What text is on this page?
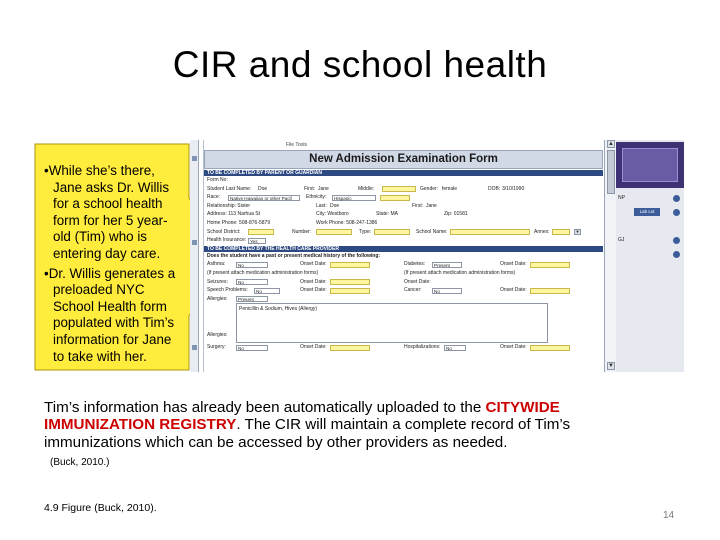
CIR and school health
• While she’s there, Jane asks Dr. Willis for a school health form for her 5 year-old (Tim) who is entering day care.
• Dr. Willis generates a preloaded NYC School Health form populated with Tim’s information for Jane to take with her.
File Tools
New Admission Examination Form
TO BE COMPLETED BY PARENT OR GUARDIAN
Form No:
Student Last Name: Doe	First: Jane	Middle:	Gender: female	DOB: 3/10/1990
Race:	Native Hawaiian or other Pacif	Ethnicity:	Hispanic
Relationship: Sister	Last: Doe	First: Jane
Address: 113 Narhua St	City: Westboro	State: MA	Zip: 01581
Home Phone: 508-876-5879	Work Phone: 508-247-1386
School District:	Number:	Type:	School Name:	Annex:	▼
Health Insurance: Yes
TO BE COMPLETED BY THE HEALTH CARE PROVIDER
Does the student have a past or present medical history of the following:
Asthma:	No	Onset Date:	Diabetes:	Present	Onset Date:
(If present attach medication administration forms)	(If present attach medication administration forms)
Seizures:	No	Onset Date:	Onset Date:
Speech Problems:	No	Onset Date:	Cancer:	No	Onset Date:
Allergies:	Present
Penicillin & Sodium, Hives (Allergy)
Allergies:
Surgery:	No	Onset Date:	Hospitalizations:	No	Onset Date:
▲
▼
NP
Lab Lst
GJ
Tim’s information has already been automatically uploaded to the CITYWIDE IMMUNIZATION REGISTRY. The CIR will maintain a complete record of Tim’s immunizations which can be accessed by other providers as needed.
(Buck, 2010.)
4.9 Figure (Buck, 2010).
14
